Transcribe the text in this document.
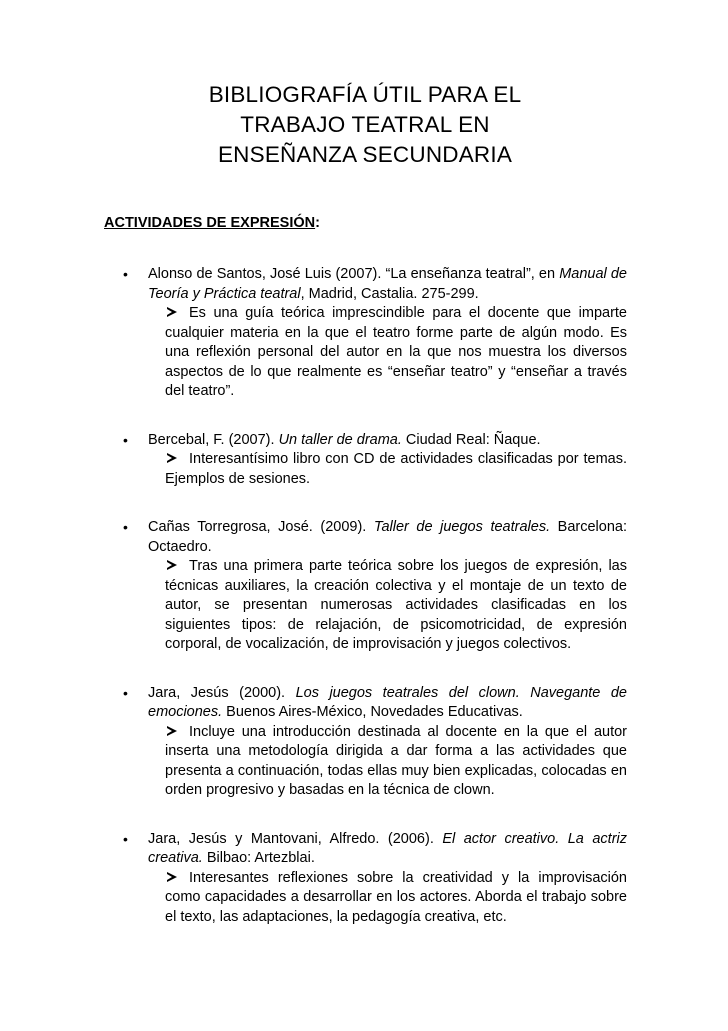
BIBLIOGRAFÍA ÚTIL PARA EL
TRABAJO TEATRAL EN
ENSEÑANZA SECUNDARIA
ACTIVIDADES DE EXPRESIÓN:
• Alonso de Santos, José Luis (2007). “La enseñanza teatral”, en Manual de Teoría y Práctica teatral, Madrid, Castalia. 275-299.
Es una guía teórica imprescindible para el docente que imparte cualquier materia en la que el teatro forme parte de algún modo. Es una reflexión personal del autor en la que nos muestra los diversos aspectos de lo que realmente es “enseñar teatro” y “enseñar a través del teatro”.
• Bercebal, F. (2007). Un taller de drama. Ciudad Real: Ñaque.
Interesantísimo libro con CD de actividades clasificadas por temas. Ejemplos de sesiones.
• Cañas Torregrosa, José. (2009). Taller de juegos teatrales. Barcelona: Octaedro.
Tras una primera parte teórica sobre los juegos de expresión, las técnicas auxiliares, la creación colectiva y el montaje de un texto de autor, se presentan numerosas actividades clasificadas en los siguientes tipos: de relajación, de psicomotricidad, de expresión corporal, de vocalización, de improvisación y juegos colectivos.
• Jara, Jesús (2000). Los juegos teatrales del clown. Navegante de emociones. Buenos Aires-México, Novedades Educativas.
Incluye una introducción destinada al docente en la que el autor inserta una metodología dirigida a dar forma a las actividades que presenta a continuación, todas ellas muy bien explicadas, colocadas en orden progresivo y basadas en la técnica de clown.
• Jara, Jesús y Mantovani, Alfredo. (2006). El actor creativo. La actriz creativa. Bilbao: Artezblai.
Interesantes reflexiones sobre la creatividad y la improvisación como capacidades a desarrollar en los actores. Aborda el trabajo sobre el texto, las adaptaciones, la pedagogía creativa, etc.
